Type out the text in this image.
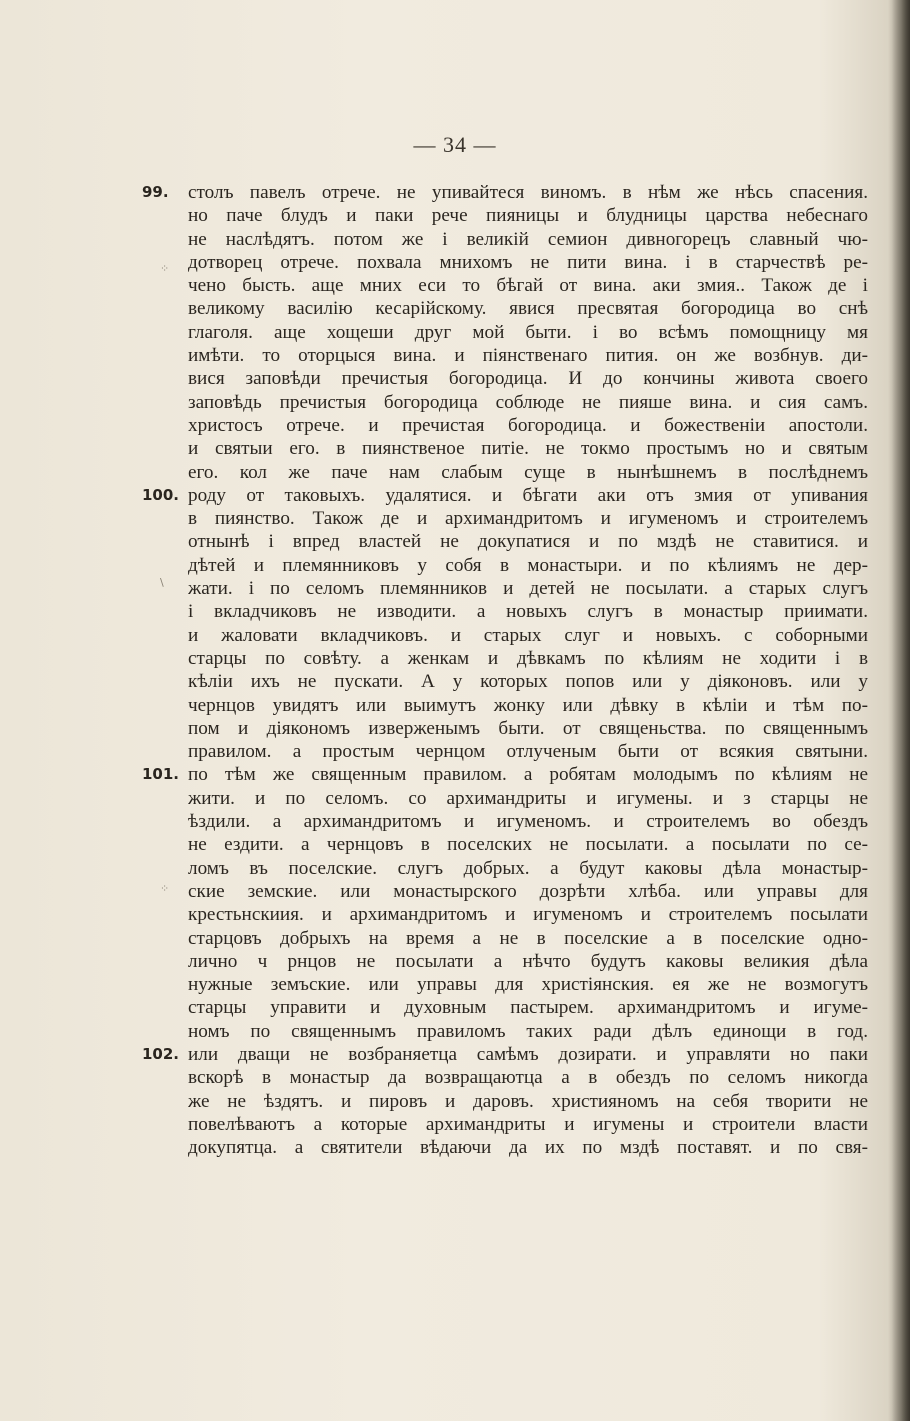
— 34 —
⁘
\
⁘
99.	столъ павелъ отрече. не упивайтеся виномъ. в нѣм же нѣсь спасения.
но паче блудъ и паки рече пияницы и блудницы царства небеснаго
не наслѣдятъ. потом же і великій семион дивногорецъ славный чю-
дотворец отрече. похвала мнихомъ не пити вина. і в старчествѣ ре-
чено бысть. аще мних еси то бѣгай от вина. аки змия.. Також де і
великому василію кесарійскому. явися пресвятая богородица во снѣ
глаголя. аще хощеши друг мой быти. і во всѣмъ помощницу мя
имѣти. то оторцыся вина. и піянственаго пития. он же возбнув. ди-
вися заповѣди пречистыя богородица. И до кончины живота своего
заповѣдь пречистыя богородица соблюде не пияше вина. и сия самъ.
христосъ отрече. и пречистая богородица. и божественіи апостоли.
и святыи его. в пиянственое питіе. не токмо простымъ но и святым
его. кол же паче нам слабым суще в нынѣшнемъ в послѣднемъ
100. роду от таковыхъ. удалятися. и бѣгати аки отъ змия от упивания
в пиянство. Також де и архимандритомъ и игуменомъ и строителемъ
отнынѣ і впред властей не докупатися и по мздѣ не ставитися. и
дѣтей и племянниковъ у собя в монастыри. и по кѣлиямъ не дер-
жати. і по селомъ племянников и детей не посылати. а старых слугъ
і вкладчиковъ не изводити. а новыхъ слугъ в монастыр приимати.
и жаловати вкладчиковъ. и старых слуг и новыхъ. с соборными
старцы по совѣту. а женкам и дѣвкамъ по кѣлиям не ходити і в
кѣліи ихъ не пускати. А у которых попов или у діяконовъ. или у
чернцов увидятъ или выимутъ жонку или дѣвку в кѣліи и тѣм по-
пом и діякономъ изверженымъ быти. от священьства. по священнымъ
правилом. а простым чернцом отлученым быти от всякия святыни.
101. по тѣм же священным правилом. а робятам молодымъ по кѣлиям не
жити. и по селомъ. со архимандриты и игумены. и з старцы не
ѣздили. а архимандритомъ и игуменомъ. и строителемъ во обездъ
не ездити. а чернцовъ в поселских не посылати. а посылати по се-
ломъ въ поселские. слугъ добрых. а будут каковы дѣла монастыр-
ские земские. или монастырского дозрѣти хлѣба. или управы для
крестьнскиия. и архимандритомъ и игуменомъ и строителемъ посылати
старцовъ добрыхъ на время а не в поселские а в поселские одно-
лично ч рнцов не посылати а нѣчто будутъ каковы великия дѣла
нужные земъские. или управы для христіянския. ея же не возмогутъ
старцы управити и духовным пастырем. архимандритомъ и игуме-
номъ по священнымъ правиломъ таких ради дѣлъ единощи в год.
102. или дващи не возбраняетца самѣмъ дозирати. и управляти но паки
вскорѣ в монастыр да возвращаютца а в обездъ по селомъ никогда
же не ѣздятъ. и пировъ и даровъ. християномъ на себя творити не
повелѣваютъ а которые архимандриты и игумены и строители власти
докупятца. а святители вѣдаючи да их по мздѣ поставят. и по свя-
